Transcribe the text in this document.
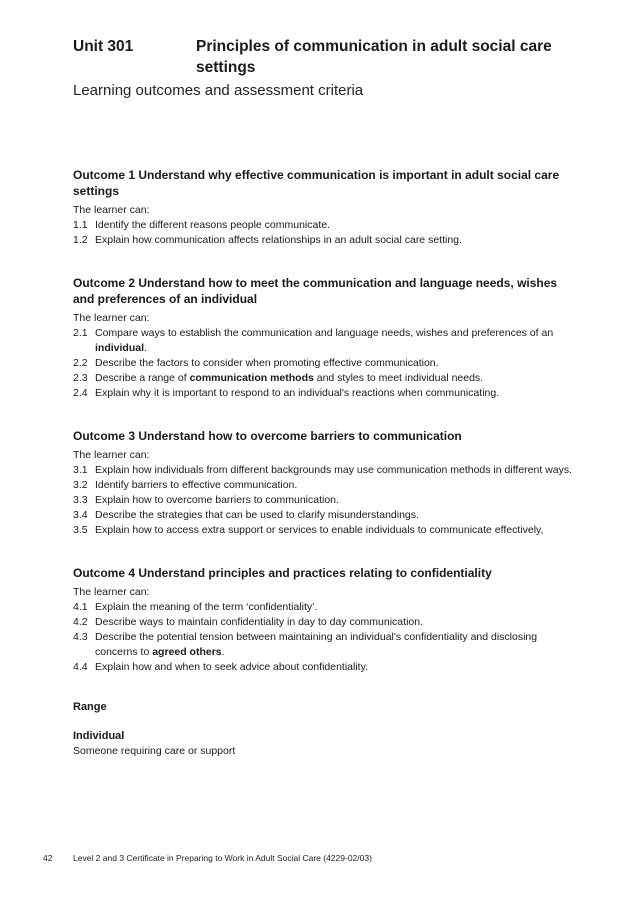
Unit 301	Principles of communication in adult social care settings
Learning outcomes and assessment criteria
Outcome 1 Understand why effective communication is important in adult social care settings
The learner can:
1.1 Identify the different reasons people communicate.
1.2 Explain how communication affects relationships in an adult social care setting.
Outcome 2 Understand how to meet the communication and language needs, wishes and preferences of an individual
The learner can:
2.1 Compare ways to establish the communication and language needs, wishes and preferences of an individual.
2.2 Describe the factors to consider when promoting effective communication.
2.3 Describe a range of communication methods and styles to meet individual needs.
2.4 Explain why it is important to respond to an individual's reactions when communicating.
Outcome 3 Understand how to overcome barriers to communication
The learner can:
3.1 Explain how individuals from different backgrounds may use communication methods in different ways.
3.2 Identify barriers to effective communication.
3.3 Explain how to overcome barriers to communication.
3.4 Describe the strategies that can be used to clarify misunderstandings.
3.5 Explain how to access extra support or services to enable individuals to communicate effectively,
Outcome 4 Understand principles and practices relating to confidentiality
The learner can:
4.1 Explain the meaning of the term ‘confidentiality’.
4.2 Describe ways to maintain confidentiality in day to day communication.
4.3 Describe the potential tension between maintaining an individual's confidentiality and disclosing concerns to agreed others.
4.4 Explain how and when to seek advice about confidentiality.
Range
Individual
Someone requiring care or support
42 Level 2 and 3 Certificate in Preparing to Work in Adult Social Care (4229-02/03)
